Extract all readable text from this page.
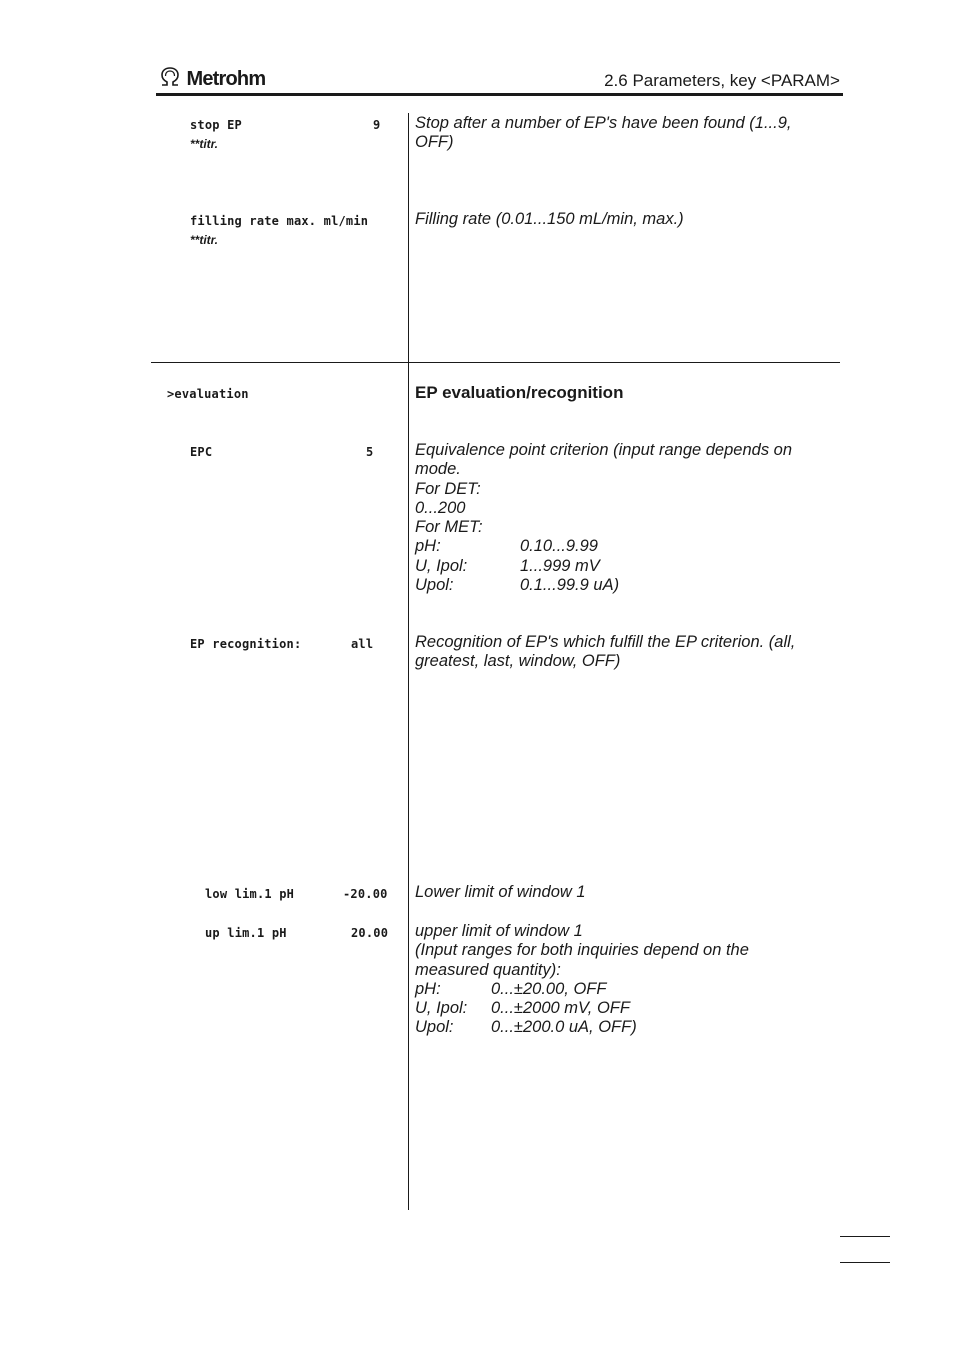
Metrohm	2.6 Parameters, key <PARAM>
stop EP	9
**titr.
Stop after a number of EP's have been found (1...9, OFF)
filling rate max. ml/min
**titr.
Filling rate (0.01...150 mL/min, max.)
>evaluation	EP evaluation/recognition
EPC	5	Equivalence point criterion (input range depends on
mode.
For DET:
0...200
For MET:
pH:	0.10...9.99
U, Ipol:	1...999 mV
Upol:	0.1...99.9 uA)
EP recognition:	all	Recognition of EP's which fulfill the EP criterion. (all,
greatest, last, window, OFF)
low lim.1 pH	-20.00 Lower limit of window 1
up lim.1 pH	20.00 upper limit of window 1
(Input ranges for both inquiries depend on the
measured quantity):
pH:	0...±20.00, OFF
U, Ipol:	0...±2000 mV, OFF
Upol:	0...±200.0 uA, OFF)
